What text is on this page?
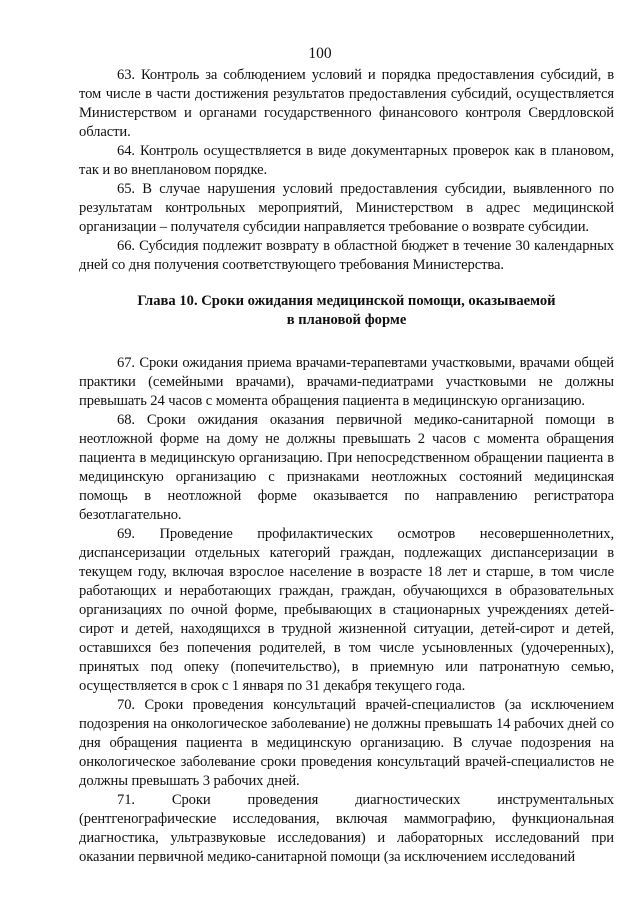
100

63. Контроль за соблюдением условий и порядка предоставления субсидий, в том числе в части достижения результатов предоставления субсидий, осуществляется Министерством и органами государственного финансового контроля Свердловской области.

64. Контроль осуществляется в виде документарных проверок как в плановом, так и во внеплановом порядке.

65. В случае нарушения условий предоставления субсидии, выявленного по результатам контрольных мероприятий, Министерством в адрес медицинской организации – получателя субсидии направляется требование о возврате субсидии.

66. Субсидия подлежит возврату в областной бюджет в течение 30 календарных дней со дня получения соответствующего требования Министерства.

Глава 10. Сроки ожидания медицинской помощи, оказываемой
в плановой форме

67. Сроки ожидания приема врачами-терапевтами участковыми, врачами общей практики (семейными врачами), врачами-педиатрами участковыми не должны превышать 24 часов с момента обращения пациента в медицинскую организацию.

68. Сроки ожидания оказания первичной медико-санитарной помощи в неотложной форме на дому не должны превышать 2 часов с момента обращения пациента в медицинскую организацию. При непосредственном обращении пациента в медицинскую организацию с признаками неотложных состояний медицинская помощь в неотложной форме оказывается по направлению регистратора безотлагательно.

69. Проведение профилактических осмотров несовершеннолетних, диспансеризации отдельных категорий граждан, подлежащих диспансеризации в текущем году, включая взрослое население в возрасте 18 лет и старше, в том числе работающих и неработающих граждан, граждан, обучающихся в образовательных организациях по очной форме, пребывающих в стационарных учреждениях детей-сирот и детей, находящихся в трудной жизненной ситуации, детей-сирот и детей, оставшихся без попечения родителей, в том числе усыновленных (удочеренных), принятых под опеку (попечительство), в приемную или патронатную семью, осуществляется в срок с 1 января по 31 декабря текущего года.

70. Сроки проведения консультаций врачей-специалистов (за исключением подозрения на онкологическое заболевание) не должны превышать 14 рабочих дней со дня обращения пациента в медицинскую организацию. В случае подозрения на онкологическое заболевание сроки проведения консультаций врачей-специалистов не должны превышать 3 рабочих дней.

71. Сроки проведения диагностических инструментальных (рентгенографические исследования, включая маммографию, функциональная диагностика, ультразвуковые исследования) и лабораторных исследований при оказании первичной медико-санитарной помощи (за исключением исследований
